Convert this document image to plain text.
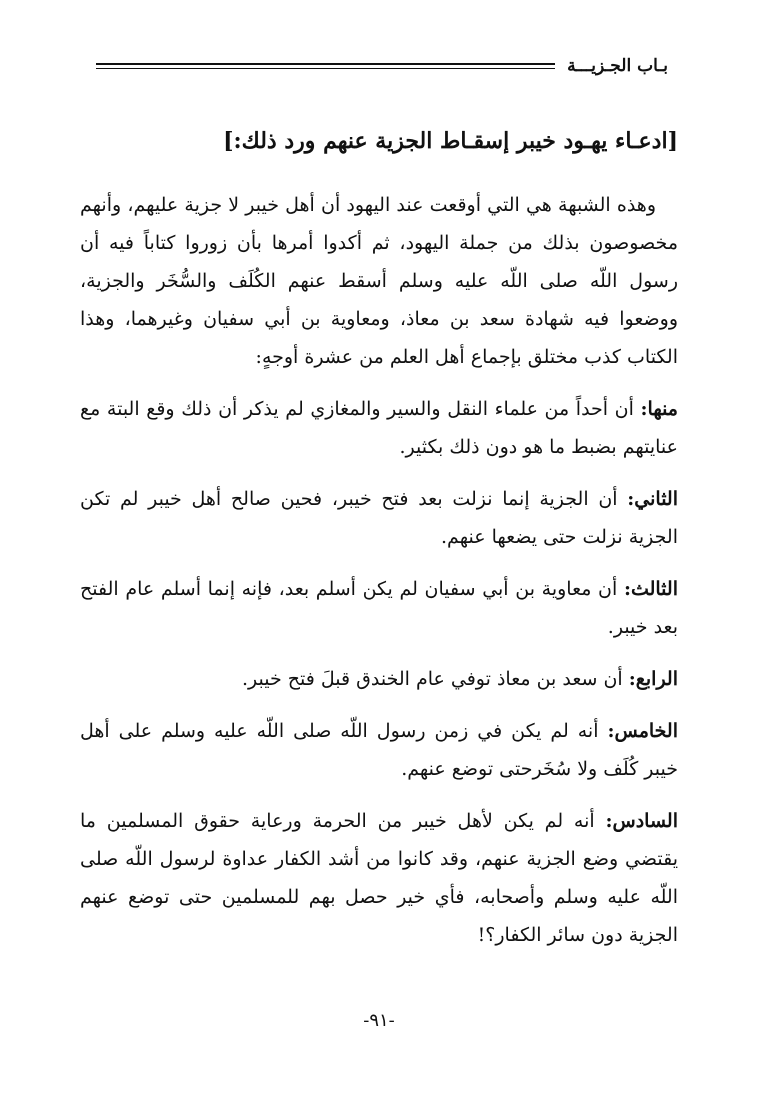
بـاب الجـزيـــة
[ادعـاء يهـود خيبر إسقـاط الجزية عنهم ورد ذلك:]

وهذه الشبهة هي التي أوقعت عند اليهود أن أهل خيبر لا جزية عليهم، وأنهم مخصوصون بذلك من جملة اليهود، ثم أكدوا أمرها بأن زوروا كتاباً فيه أن رسول اللّه صلى اللّه عليه وسلم أسقط عنهم الكُلَف والسُّخَر والجزية، ووضعوا فيه شهادة سعد بن معاذ، ومعاوية بن أبي سفيان وغيرهما، وهذا الكتاب كذب مختلق بإجماع أهل العلم من عشرة أوجهٍ:

منها: أن أحداً من علماء النقل والسير والمغازي لم يذكر أن ذلك وقع البتة مع عنايتهم بضبط ما هو دون ذلك بكثير.

الثاني: أن الجزية إنما نزلت بعد فتح خيبر، فحين صالح أهل خيبر لم تكن الجزية نزلت حتى يضعها عنهم.

الثالث: أن معاوية بن أبي سفيان لم يكن أسلم بعد، فإنه إنما أسلم عام الفتح بعد خيبر.

الرابع: أن سعد بن معاذ توفي عام الخندق قبلَ فتح خيبر.

الخامس: أنه لم يكن في زمن رسول اللّه صلى اللّه عليه وسلم على أهل خيبر كُلَف ولا سُخَرحتى توضع عنهم.

السادس: أنه لم يكن لأهل خيبر من الحرمة ورعاية حقوق المسلمين ما يقتضي وضع الجزية عنهم، وقد كانوا من أشد الكفار عداوة لرسول اللّه صلى اللّه عليه وسلم وأصحابه، فأي خير حصل بهم للمسلمين حتى توضع عنهم الجزية دون سائر الكفار؟!

-٩١-
